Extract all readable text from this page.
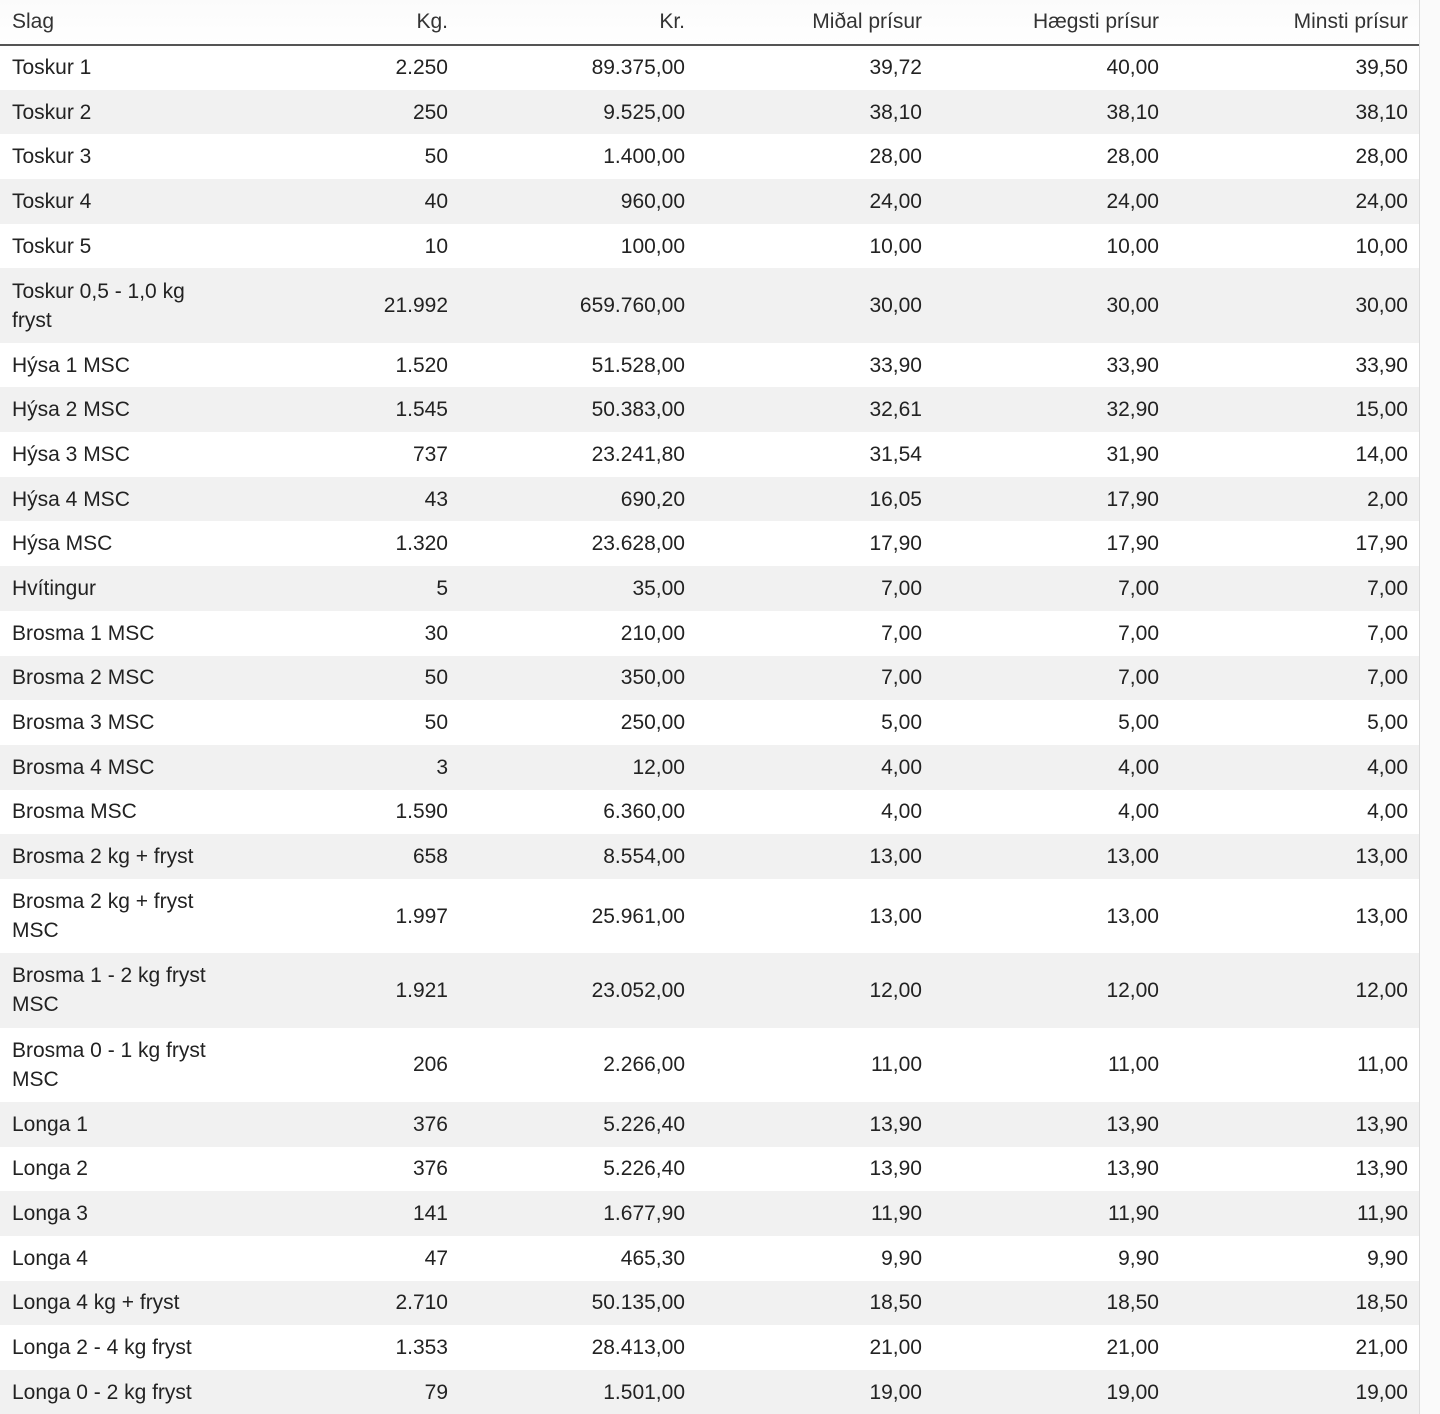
Slag	Kg.	Kr.	Miðal prísur	Hægsti prísur	Minsti prísur
Toskur 1	2.250	89.375,00	39,72	40,00	39,50
Toskur 2	250	9.525,00	38,10	38,10	38,10
Toskur 3	50	1.400,00	28,00	28,00	28,00
Toskur 4	40	960,00	24,00	24,00	24,00
Toskur 5	10	100,00	10,00	10,00	10,00
Toskur 0,5 - 1,0 kg fryst	21.992	659.760,00	30,00	30,00	30,00
Hýsa 1 MSC	1.520	51.528,00	33,90	33,90	33,90
Hýsa 2 MSC	1.545	50.383,00	32,61	32,90	15,00
Hýsa 3 MSC	737	23.241,80	31,54	31,90	14,00
Hýsa 4 MSC	43	690,20	16,05	17,90	2,00
Hýsa MSC	1.320	23.628,00	17,90	17,90	17,90
Hvítingur	5	35,00	7,00	7,00	7,00
Brosma 1 MSC	30	210,00	7,00	7,00	7,00
Brosma 2 MSC	50	350,00	7,00	7,00	7,00
Brosma 3 MSC	50	250,00	5,00	5,00	5,00
Brosma 4 MSC	3	12,00	4,00	4,00	4,00
Brosma MSC	1.590	6.360,00	4,00	4,00	4,00
Brosma 2 kg + fryst	658	8.554,00	13,00	13,00	13,00
Brosma 2 kg + fryst MSC	1.997	25.961,00	13,00	13,00	13,00
Brosma 1 - 2 kg fryst MSC	1.921	23.052,00	12,00	12,00	12,00
Brosma 0 - 1 kg fryst MSC	206	2.266,00	11,00	11,00	11,00
Longa 1	376	5.226,40	13,90	13,90	13,90
Longa 2	376	5.226,40	13,90	13,90	13,90
Longa 3	141	1.677,90	11,90	11,90	11,90
Longa 4	47	465,30	9,90	9,90	9,90
Longa 4 kg + fryst	2.710	50.135,00	18,50	18,50	18,50
Longa 2 - 4 kg fryst	1.353	28.413,00	21,00	21,00	21,00
Longa 0 - 2 kg fryst	79	1.501,00	19,00	19,00	19,00
